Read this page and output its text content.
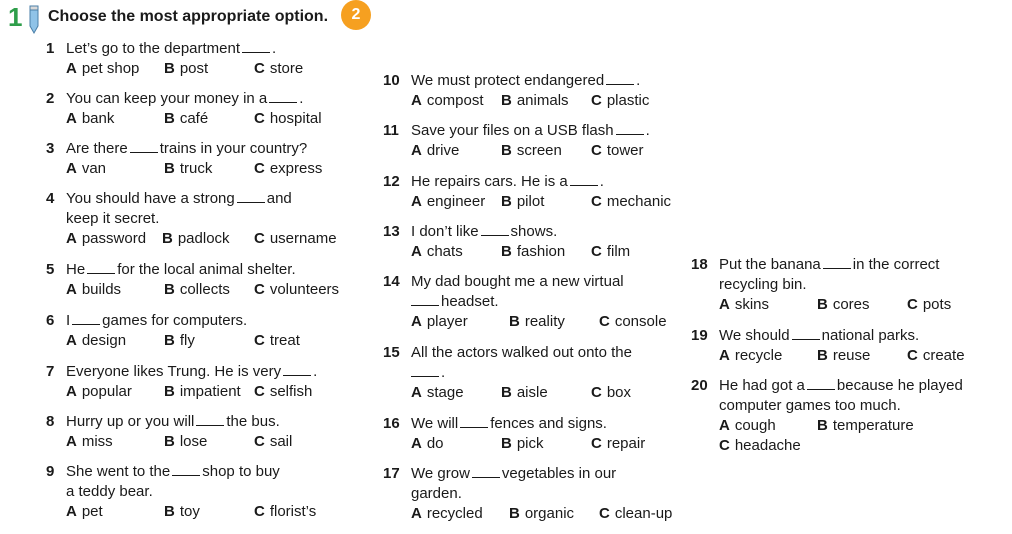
1 Choose the most appropriate option.	2
1 Let’s go to the department .
A pet shop B post	C store
2 You can keep your money in a .
A bank	B café	C hospital
3 Are there trains in your country?
A van	B truck	C express
4 You should have a strong and
keep it secret.
A password B padlock C username
5 He for the local animal shelter.
A builds	B collects C volunteers
6 I games for computers.
A design	B fly	C treat
7 Everyone likes Trung. He is very .
A popular B impatient C selfish
8 Hurry up or you will the bus.
A miss	B lose	C sail
9 She went to the shop to buy
a teddy bear.
A pet	B toy	C florist’s
10 We must protect endangered .
A compost B animals C plastic
11 Save your files on a USB flash .
A drive	B screen C tower
12 He repairs cars. He is a .
A engineer B pilot	C mechanic
13 I don’t like shows.
A chats	B fashion C film
14 My dad bought me a new virtual
headset.
A player	B reality C console
15 All the actors walked out onto the
.
A stage B aisle	C box
16 We will fences and signs.
A do	B pick	C repair
17 We grow vegetables in our
garden.
A recycled B organic C clean-up
18 Put the banana in the correct
recycling bin.
A skins	B cores C pots
19 We should national parks.
A recycle B reuse C create
20 He had got a because he played
computer games too much.
A cough	B temperature
C headache
